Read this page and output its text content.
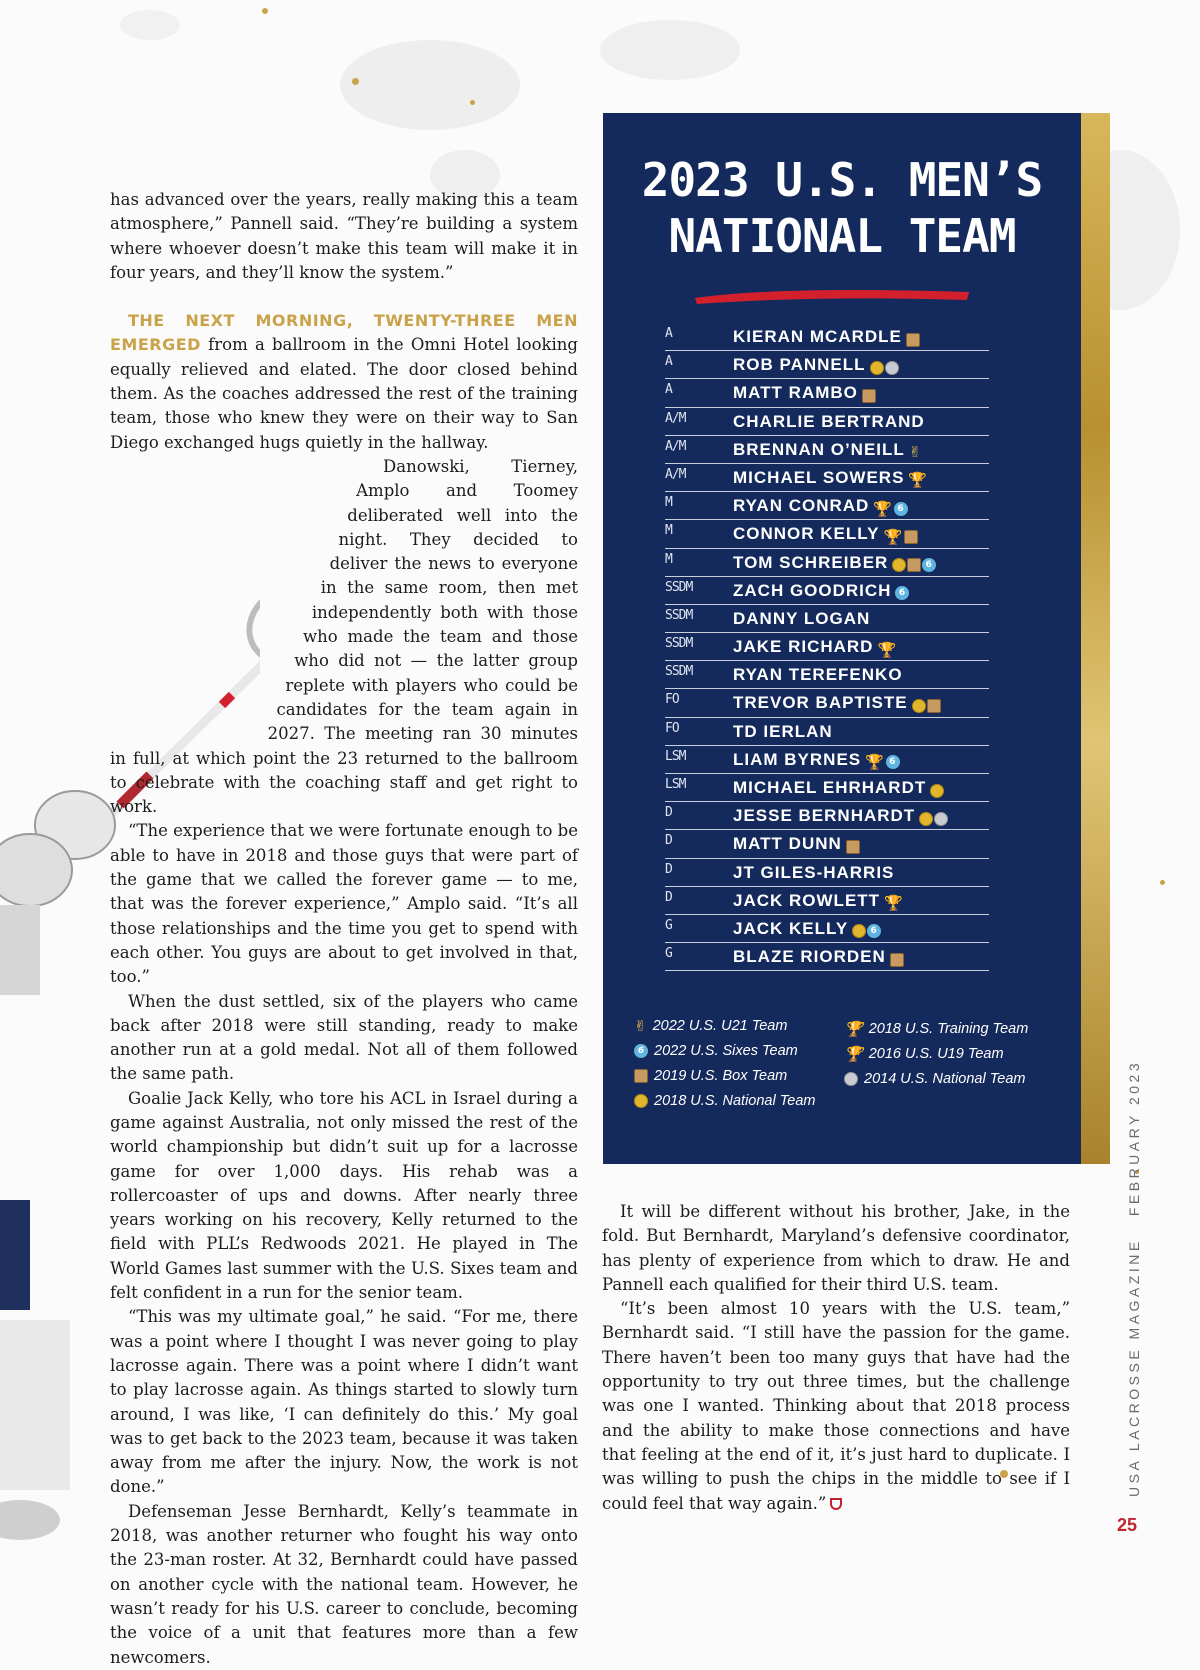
has advanced over the years, really making this a team atmosphere,” Pannell said. “They’re building a system where whoever doesn’t make this team will make it in four years, and they’ll know the system.”

THE NEXT MORNING, TWENTY-THREE MEN EMERGED from a ballroom in the Omni Hotel looking equally relieved and elated. The door closed behind them. As the coaches addressed the rest of the training team, those who knew they were on their way to San Diego exchanged hugs quietly in the hallway.

Danowski, Tierney, Amplo and Toomey deliberated well into the night. They decided to deliver the news to everyone in the same room, then met independently both with those who made the team and those who did not — the latter group replete with players who could be candidates for the team again in 2027. The meeting ran 30 minutes in full, at which point the 23 returned to the ballroom to celebrate with the coaching staff and get right to work.

“The experience that we were fortunate enough to be able to have in 2018 and those guys that were part of the game that we called the forever game — to me, that was the forever experience,” Amplo said. “It’s all those relationships and the time you get to spend with each other. You guys are about to get involved in that, too.”

When the dust settled, six of the players who came back after 2018 were still standing, ready to make another run at a gold medal. Not all of them followed the same path.

Goalie Jack Kelly, who tore his ACL in Israel during a game against Australia, not only missed the rest of the world championship but didn’t suit up for a lacrosse game for over 1,000 days. His rehab was a rollercoaster of ups and downs. After nearly three years working on his recovery, Kelly returned to the field with PLL’s Redwoods 2021. He played in The World Games last summer with the U.S. Sixes team and felt confident in a run for the senior team.

“This was my ultimate goal,” he said. “For me, there was a point where I thought I was never going to play lacrosse again. There was a point where I didn’t want to play lacrosse again. As things started to slowly turn around, I was like, ‘I can definitely do this.’ My goal was to get back to the 2023 team, because it was taken away from me after the injury. Now, the work is not done.”

Defenseman Jesse Bernhardt, Kelly’s teammate in 2018, was another returner who fought his way onto the 23-man roster. At 32, Bernhardt could have passed on another cycle with the national team. However, he wasn’t ready for his U.S. career to conclude, becoming the voice of a unit that features more than a few newcomers.

2023 U.S. MEN’S
NATIONAL TEAM
A	KIERAN MCARDLE
A	ROB PANNELL
A	MATT RAMBO
A/M	CHARLIE BERTRAND
A/M	BRENNAN O’NEILL ✌
A/M	MICHAEL SOWERS 🏆
M	RYAN CONRAD 🏆 6
M	CONNOR KELLY 🏆
M	TOM SCHREIBER	6
SSDM ZACH GOODRICH 6
SSDM DANNY LOGAN
SSDM JAKE RICHARD 🏆
SSDM RYAN TEREFENKO
FO	TREVOR BAPTISTE
FO	TD IERLAN
LSM	LIAM BYRNES 🏆 6
LSM	MICHAEL EHRHARDT
D	JESSE BERNHARDT
D	MATT DUNN
D	JT GILES-HARRIS
D	JACK ROWLETT 🏆
G	JACK KELLY 6
G	BLAZE RIORDEN
✌ 2022 U.S. U21 Team
6 2022 U.S. Sixes Team
2019 U.S. Box Team
2018 U.S. National Team
🏆 2018 U.S. Training Team
🏆 2016 U.S. U19 Team
2014 U.S. National Team

It will be different without his brother, Jake, in the fold. But Bernhardt, Maryland’s defensive coordinator, has plenty of experience from which to draw. He and Pannell each qualified for their third U.S. team.

“It’s been almost 10 years with the U.S. team,” Bernhardt said. “I still have the passion for the game. There haven’t been too many guys that have had the opportunity to try out three times, but the challenge was one I wanted. Thinking about that 2018 process and the ability to make those connections and have that feeling at the end of it, it’s just hard to duplicate. I was willing to push the chips in the middle to see if I could feel that way again.”

USA LACROSSE MAGAZINE   FEBRUARY 2023
25
